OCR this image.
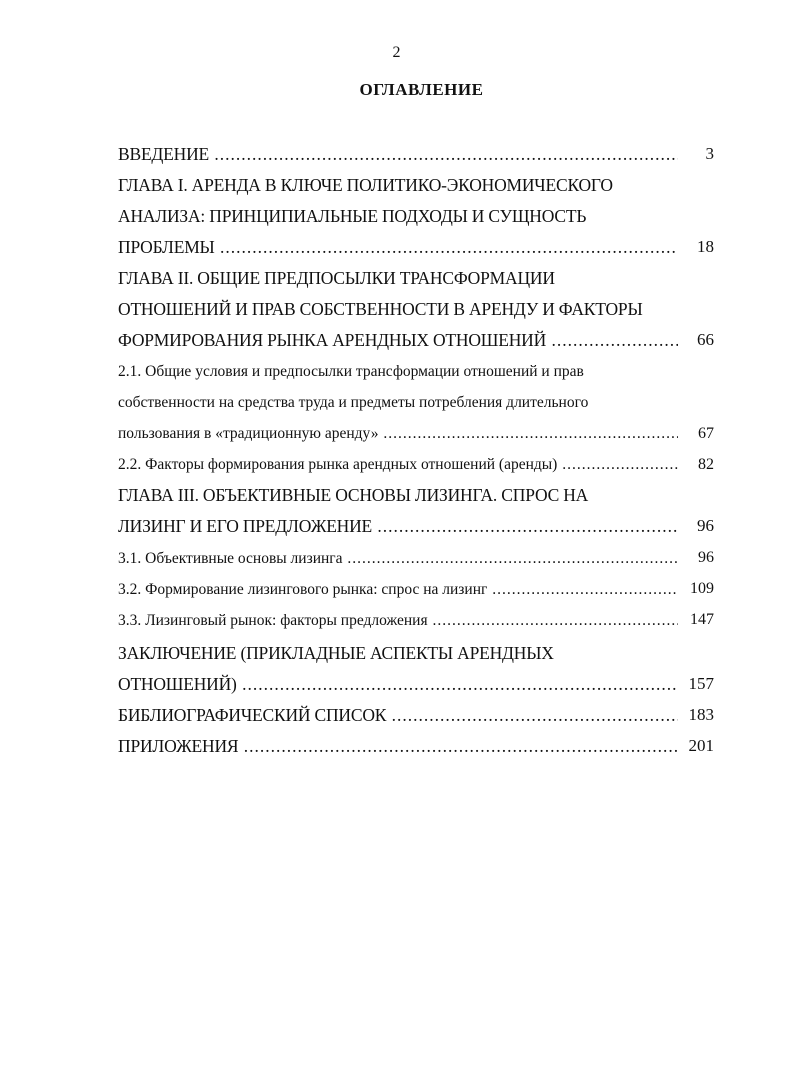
2
ОГЛАВЛЕНИЕ
ВВЕДЕНИЕ .....	3
ГЛАВА I. АРЕНДА В КЛЮЧЕ ПОЛИТИКО-ЭКОНОМИЧЕСКОГО
АНАЛИЗА: ПРИНЦИПИАЛЬНЫЕ ПОДХОДЫ И СУЩНОСТЬ
ПРОБЛЕМЫ .....	18
ГЛАВА II. ОБЩИЕ ПРЕДПОСЫЛКИ ТРАНСФОРМАЦИИ
ОТНОШЕНИЙ И ПРАВ СОБСТВЕННОСТИ В АРЕНДУ И ФАКТОРЫ
ФОРМИРОВАНИЯ РЫНКА АРЕНДНЫХ ОТНОШЕНИЙ .....	66
2.1. Общие условия и предпосылки трансформации отношений и прав
собственности на средства труда и предметы потребления длительного
пользования в «традиционную аренду» .....	67
2.2. Факторы формирования рынка арендных отношений (аренды) .....	82
ГЛАВА III. ОБЪЕКТИВНЫЕ ОСНОВЫ ЛИЗИНГА. СПРОС НА
ЛИЗИНГ И ЕГО ПРЕДЛОЖЕНИЕ .....	96
3.1. Объективные основы лизинга .....	96
3.2. Формирование лизингового рынка: спрос на лизинг .....	109
3.3. Лизинговый рынок: факторы предложения .....	147
ЗАКЛЮЧЕНИЕ (ПРИКЛАДНЫЕ АСПЕКТЫ АРЕНДНЫХ
ОТНОШЕНИЙ) .....	157
БИБЛИОГРАФИЧЕСКИЙ СПИСОК .....	183
ПРИЛОЖЕНИЯ .....	201
